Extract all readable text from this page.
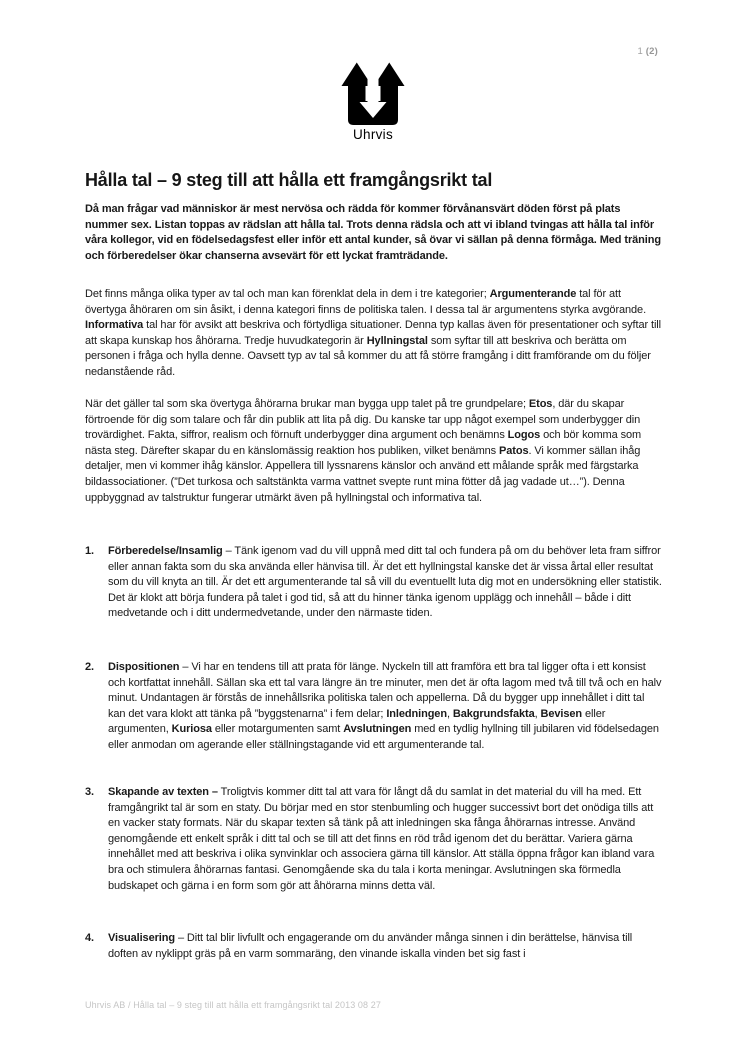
1 (2)
Uhrvis
Hålla tal – 9 steg till att hålla ett framgångsrikt tal

Då man frågar vad människor är mest nervösa och rädda för kommer förvånansvärt döden först på plats nummer sex. Listan toppas av rädslan att hålla tal. Trots denna rädsla och att vi ibland tvingas att hålla tal inför våra kollegor, vid en födelsedagsfest eller inför ett antal kunder, så övar vi sällan på denna förmåga. Med träning och förberedelser ökar chanserna avsevärt för ett lyckat framträdande.

Det finns många olika typer av tal och man kan förenklat dela in dem i tre kategorier; Argumenterande tal för att övertyga åhöraren om sin åsikt, i denna kategori finns de politiska talen. I dessa tal är argumentens styrka avgörande. Informativa tal har för avsikt att beskriva och förtydliga situationer. Denna typ kallas även för presentationer och syftar till att skapa kunskap hos åhörarna. Tredje huvudkategorin är Hyllningstal som syftar till att beskriva och berätta om personen i fråga och hylla denne. Oavsett typ av tal så kommer du att få större framgång i ditt framförande om du följer nedanstående råd.

När det gäller tal som ska övertyga åhörarna brukar man bygga upp talet på tre grundpelare; Etos, där du skapar förtroende för dig som talare och får din publik att lita på dig. Du kanske tar upp något exempel som underbygger din trovärdighet. Fakta, siffror, realism och förnuft underbygger dina argument och benämns Logos och bör komma som nästa steg. Därefter skapar du en känslomässig reaktion hos publiken, vilket benämns Patos. Vi kommer sällan ihåg detaljer, men vi kommer ihåg känslor. Appellera till lyssnarens känslor och använd ett målande språk med färgstarka bildassociationer. (”Det turkosa och saltstänkta varma vattnet svepte runt mina fötter då jag vadade ut…”). Denna uppbyggnad av talstruktur fungerar utmärkt även på hyllningstal och informativa tal.

1. Förberedelse/Insamlig – Tänk igenom vad du vill uppnå med ditt tal och fundera på om du behöver leta fram siffror eller annan fakta som du ska använda eller hänvisa till. Är det ett hyllningstal kanske det är vissa årtal eller resultat som du vill knyta an till. Är det ett argumenterande tal så vill du eventuellt luta dig mot en undersökning eller statistik. Det är klokt att börja fundera på talet i god tid, så att du hinner tänka igenom upplägg och innehåll – både i ditt medvetande och i ditt undermedvetande, under den närmaste tiden.
2. Dispositionen – Vi har en tendens till att prata för länge. Nyckeln till att framföra ett bra tal ligger ofta i ett konsist och kortfattat innehåll. Sällan ska ett tal vara längre än tre minuter, men det är ofta lagom med två till två och en halv minut. Undantagen är förstås de innehållsrika politiska talen och appellerna. Då du bygger upp innehållet i ditt tal kan det vara klokt att tänka på ”byggstenarna” i fem delar; Inledningen, Bakgrundsfakta, Bevisen eller argumenten, Kuriosa eller motargumenten samt Avslutningen med en tydlig hyllning till jubilaren vid födelsedagen eller anmodan om agerande eller ställningstagande vid ett argumenterande tal.
3. Skapande av texten – Troligtvis kommer ditt tal att vara för långt då du samlat in det material du vill ha med. Ett framgångrikt tal är som en staty. Du börjar med en stor stenbumling och hugger successivt bort det onödiga tills att en vacker staty formats. När du skapar texten så tänk på att inledningen ska fånga åhörarnas intresse. Använd genomgående ett enkelt språk i ditt tal och se till att det finns en röd tråd igenom det du berättar. Variera gärna innehållet med att beskriva i olika synvinklar och associera gärna till känslor. Att ställa öppna frågor kan ibland vara bra och stimulera åhörarnas fantasi. Genomgående ska du tala i korta meningar. Avslutningen ska förmedla budskapet och gärna i en form som gör att åhörarna minns detta väl.
4. Visualisering – Ditt tal blir livfullt och engagerande om du använder många sinnen i din berättelse, hänvisa till doften av nyklippt gräs på en varm sommaräng, den vinande iskalla vinden bet sig fast i
Uhrvis AB / Hålla tal – 9 steg till att hålla ett framgångsrikt tal 2013 08 27
